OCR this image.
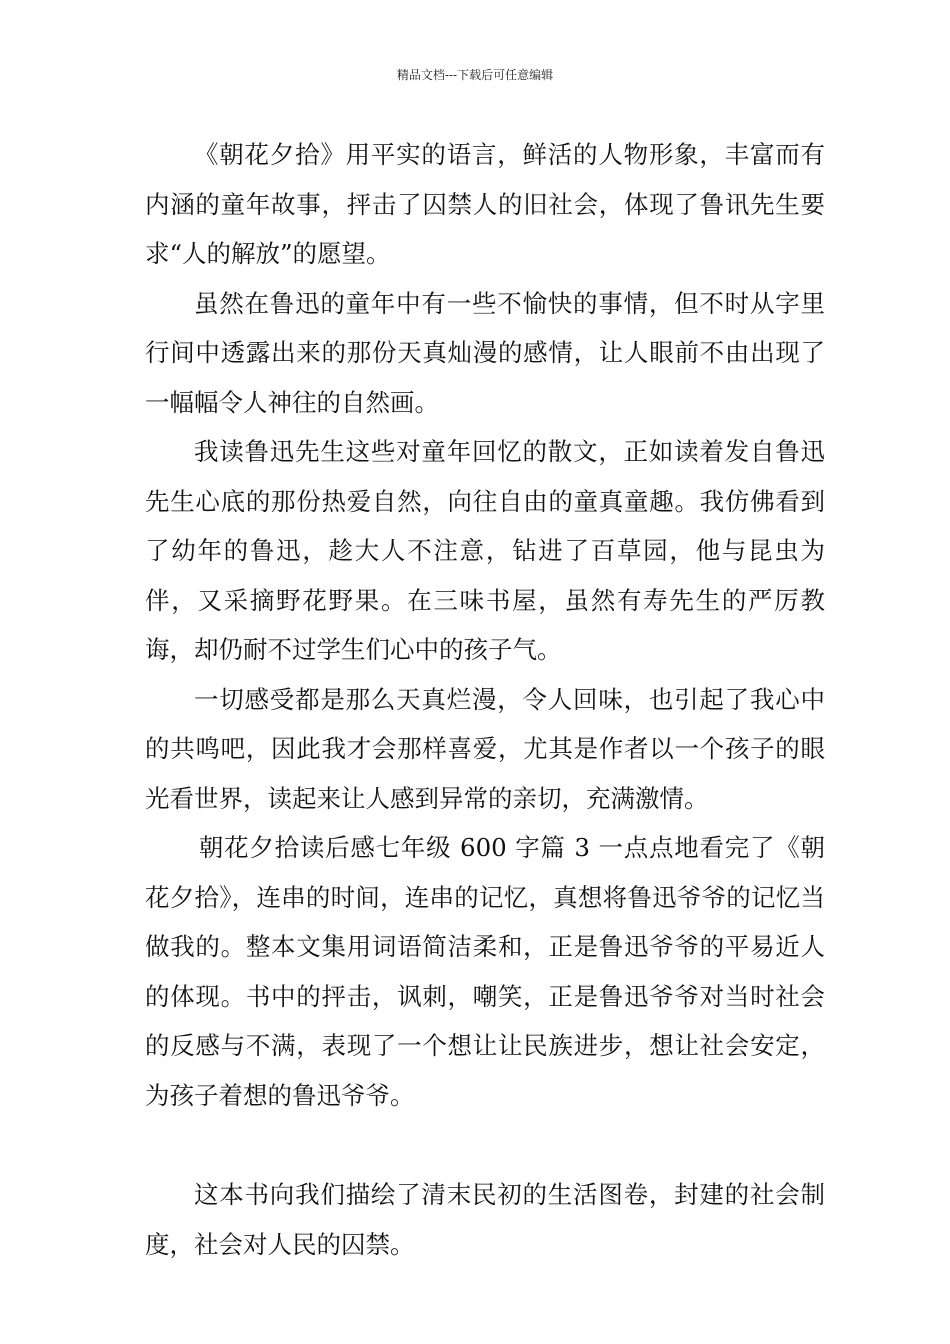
精品文档---下载后可任意编辑

《朝花夕拾》用平实的语言，鲜活的人物形象，丰富而有内涵的童年故事，抨击了囚禁人的旧社会，体现了鲁讯先生要求“人的解放”的愿望。

虽然在鲁迅的童年中有一些不愉快的事情，但不时从字里行间中透露出来的那份天真灿漫的感情，让人眼前不由出现了一幅幅令人神往的自然画。

我读鲁迅先生这些对童年回忆的散文，正如读着发自鲁迅先生心底的那份热爱自然，向往自由的童真童趣。我仿佛看到了幼年的鲁迅，趁大人不注意，钻进了百草园，他与昆虫为伴，又采摘野花野果。在三味书屋，虽然有寿先生的严厉教诲，却仍耐不过学生们心中的孩子气。

一切感受都是那么天真烂漫，令人回味，也引起了我心中的共鸣吧，因此我才会那样喜爱，尤其是作者以一个孩子的眼光看世界，读起来让人感到异常的亲切，充满激情。

朝花夕拾读后感七年级 600 字篇 3 一点点地看完了《朝花夕拾》，连串的时间，连串的记忆，真想将鲁迅爷爷的记忆当做我的。整本文集用词语简洁柔和，正是鲁迅爷爷的平易近人的体现。书中的抨击，讽刺，嘲笑，正是鲁迅爷爷对当时社会的反感与不满，表现了一个想让让民族进步，想让社会安定，为孩子着想的鲁迅爷爷。

这本书向我们描绘了清末民初的生活图卷，封建的社会制度，社会对人民的囚禁。
